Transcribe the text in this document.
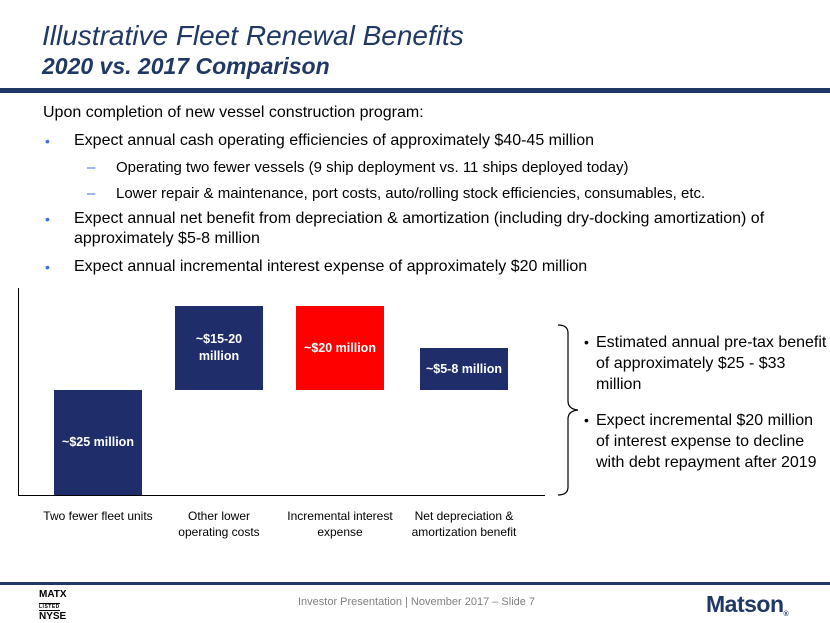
Illustrative Fleet Renewal Benefits
2020 vs. 2017 Comparison
Upon completion of new vessel construction program:
• Expect annual cash operating efficiencies of approximately $40-45 million
– Operating two fewer vessels (9 ship deployment vs. 11 ships deployed today)
– Lower repair & maintenance, port costs, auto/rolling stock efficiencies, consumables, etc.
• Expect annual net benefit from depreciation & amortization (including dry-docking amortization) of
approximately $5-8 million
• Expect annual incremental interest expense of approximately $20 million
~$25 million
~$15-20 million
~$20 million
~$5-8 million
Two fewer fleet units	Other lower operating costs
Incremental interest expense
Net depreciation & amortization benefit
• Estimated annual pre-tax benefit of approximately $25 - $33 million
• Expect incremental $20 million of interest expense to decline with debt repayment after 2019
MATX
LISTED
NYSE
Investor Presentation | November 2017 – Slide 7	Matson®
